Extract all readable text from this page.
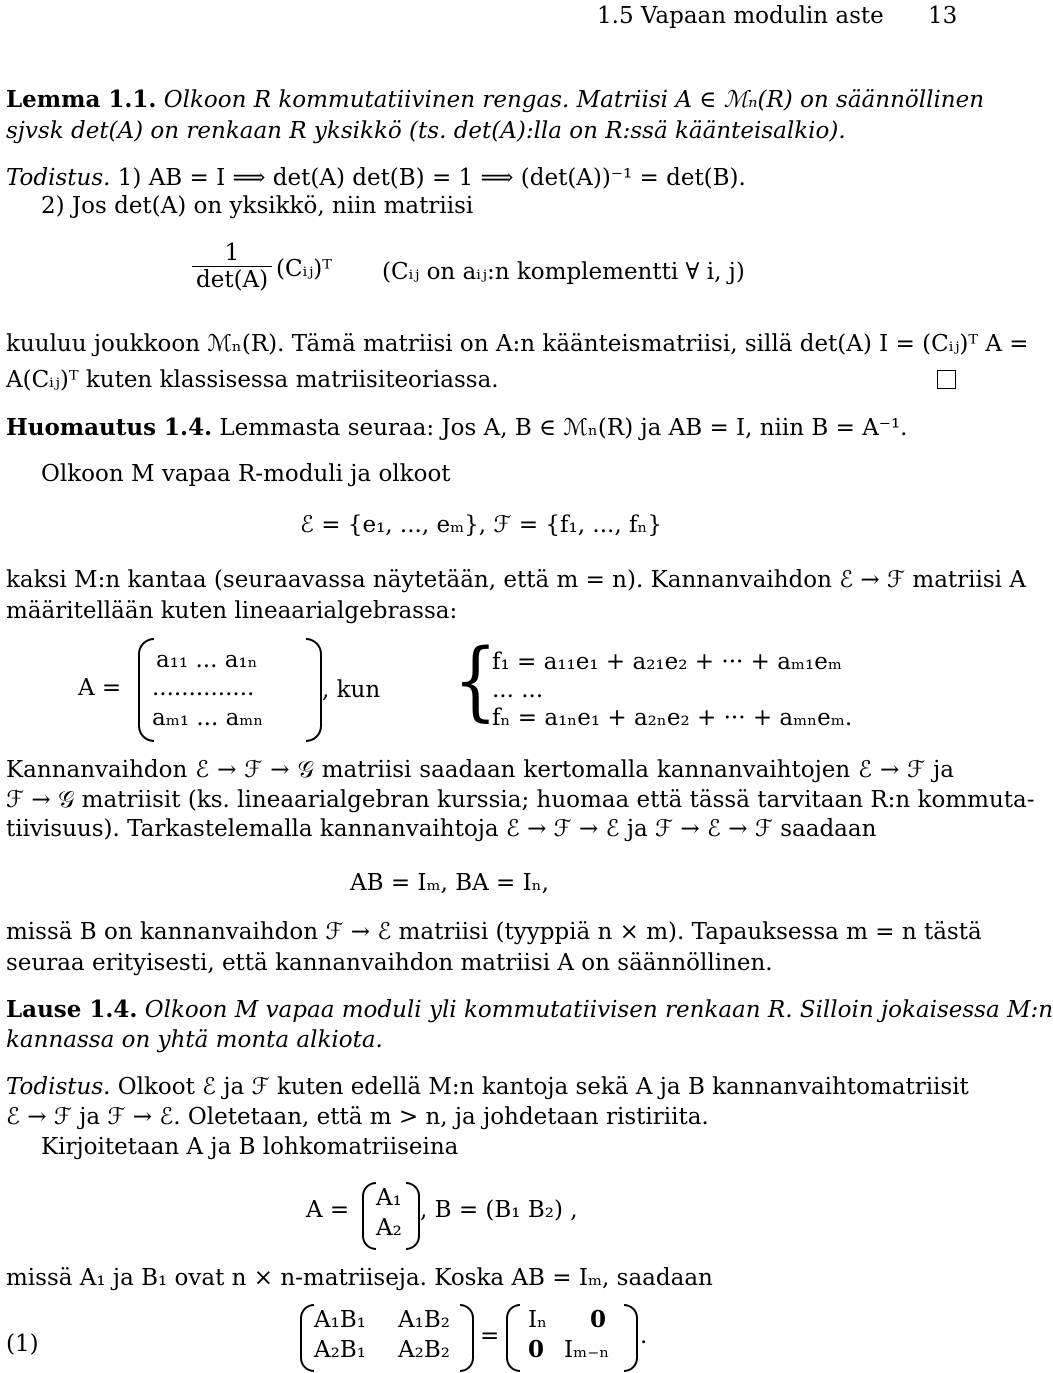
1.5 Vapaan modulin aste 13
Lemma 1.1. Olkoon R kommutatiivinen rengas. Matriisi A ∈ ℳₙ(R) on säännöllinen
sjvsk det(A) on renkaan R yksikkö (ts. det(A):lla on R:ssä käänteisalkio).
Todistus. 1) AB = I ⟹ det(A) det(B) = 1 ⟹ (det(A))⁻¹ = det(B).
2) Jos det(A) on yksikkö, niin matriisi
1
det(A) (Cᵢⱼ)ᵀ (Cᵢⱼ on aᵢⱼ:n komplementti ∀ i, j)
kuuluu joukkoon ℳₙ(R). Tämä matriisi on A:n käänteismatriisi, sillä det(A) I = (Cᵢⱼ)ᵀ A =
A(Cᵢⱼ)ᵀ kuten klassisessa matriisiteoriassa.
Huomautus 1.4. Lemmasta seuraa: Jos A, B ∈ ℳₙ(R) ja AB = I, niin B = A⁻¹.
Olkoon M vapaa R-moduli ja olkoot
ℰ = {e₁, ..., eₘ}, ℱ = {f₁, ..., fₙ}
kaksi M:n kantaa (seuraavassa näytetään, että m = n). Kannanvaihdon ℰ → ℱ matriisi A
määritellään kuten lineaarialgebrassa:
A =
a₁₁ ... a₁ₙ
..............
aₘ₁ ... aₘₙ
, kun {
f₁ = a₁₁e₁ + a₂₁e₂ + ··· + aₘ₁eₘ
... ...
fₙ = a₁ₙe₁ + a₂ₙe₂ + ··· + aₘₙeₘ.
Kannanvaihdon ℰ → ℱ → 𝒢 matriisi saadaan kertomalla kannanvaihtojen ℰ → ℱ ja
ℱ → 𝒢 matriisit (ks. lineaarialgebran kurssia; huomaa että tässä tarvitaan R:n kommuta-
tiivisuus). Tarkastelemalla kannanvaihtoja ℰ → ℱ → ℰ ja ℱ → ℰ → ℱ saadaan
AB = Iₘ, BA = Iₙ,
missä B on kannanvaihdon ℱ → ℰ matriisi (tyyppiä n × m). Tapauksessa m = n tästä
seuraa erityisesti, että kannanvaihdon matriisi A on säännöllinen.
Lause 1.4. Olkoon M vapaa moduli yli kommutatiivisen renkaan R. Silloin jokaisessa M:n
kannassa on yhtä monta alkiota.
Todistus. Olkoot ℰ ja ℱ kuten edellä M:n kantoja sekä A ja B kannanvaihtomatriisit
ℰ → ℱ ja ℱ → ℰ. Oletetaan, että m > n, ja johdetaan ristiriita.
Kirjoitetaan A ja B lohkomatriiseina
A = A₁
A₂
, B = (B₁ B₂) ,
missä A₁ ja B₁ ovat n × n-matriiseja. Koska AB = Iₘ, saadaan
(1)
A₁B₁ A₁B₂
A₂B₁ A₂B₂
=
Iₙ 0
0 Iₘ₋ₙ
.
